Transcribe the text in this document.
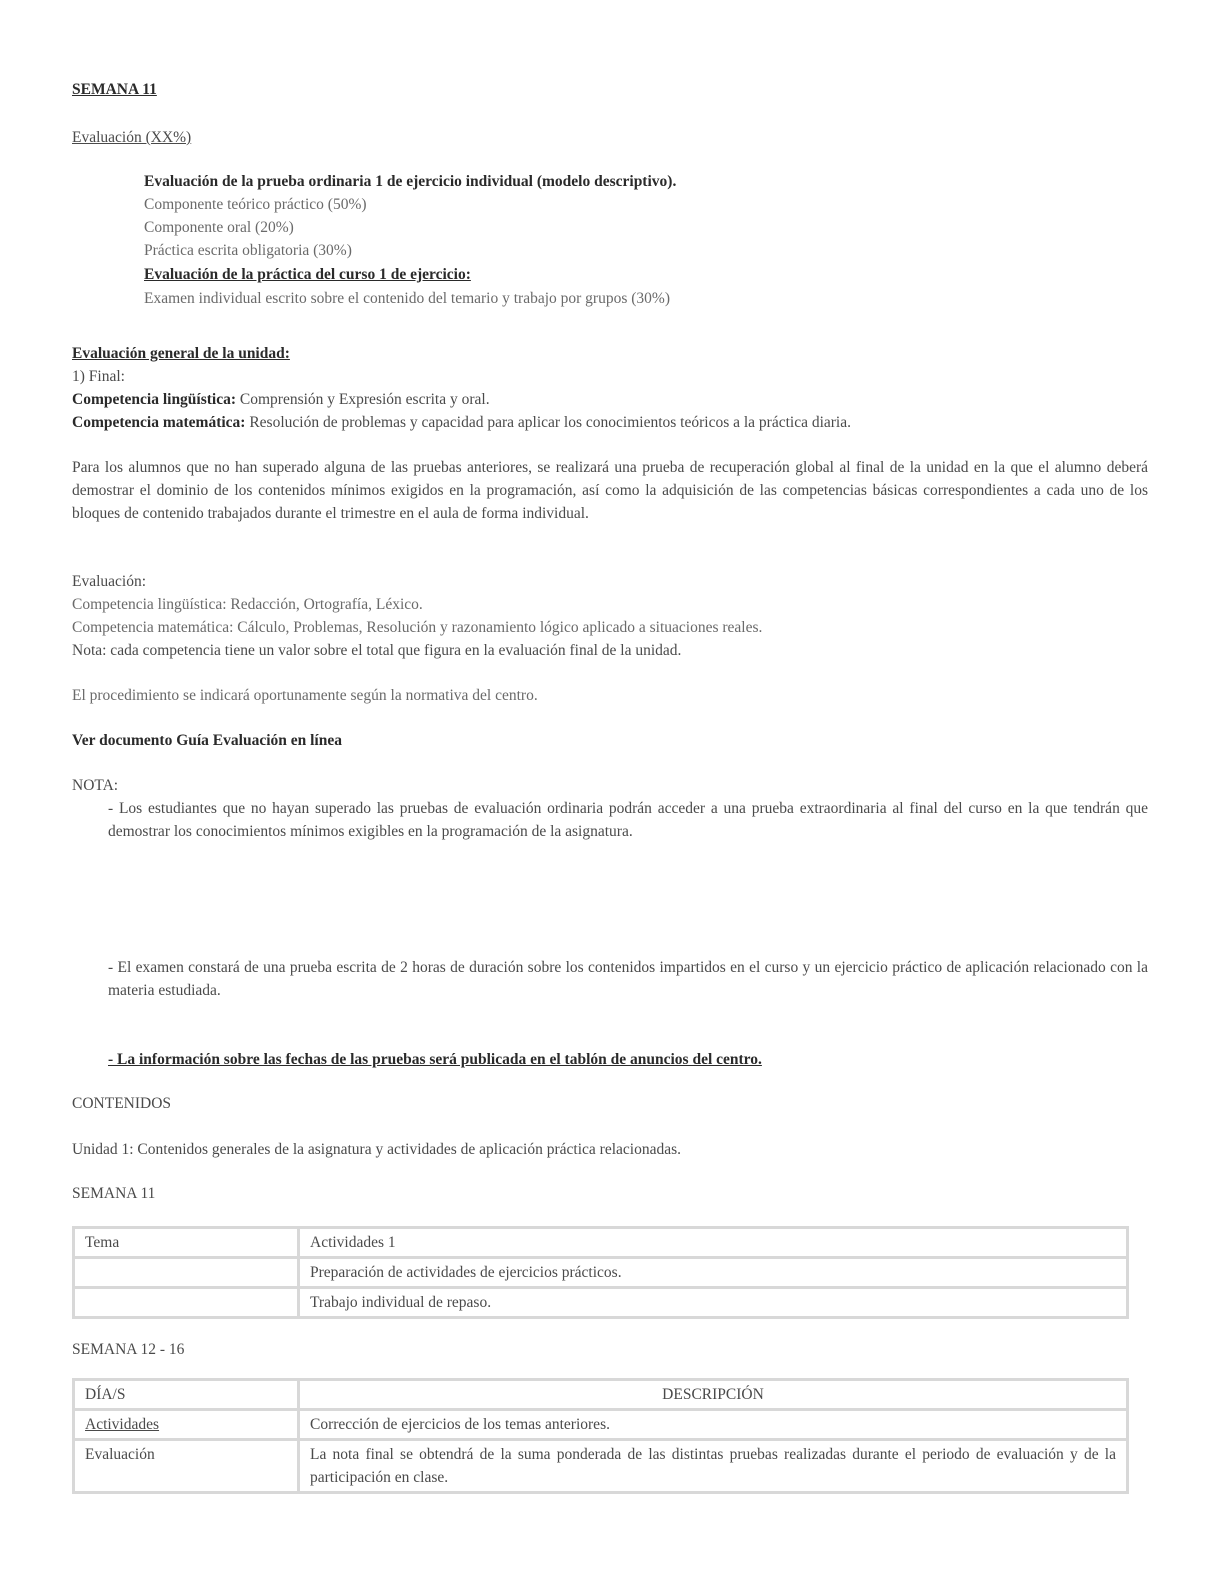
SEMANA 11
Evaluación (XX%)
Evaluación de la prueba ordinaria 1 de ejercicio individual (modelo descriptivo).
Componente teórico práctico (50%)
Componente oral (20%)
Práctica escrita obligatoria (30%)
Evaluación de la práctica del curso 1 de ejercicio:
Examen individual escrito sobre el contenido del temario y trabajo por grupos (30%)
Evaluación general de la unidad:
1) Final:
Competencia lingüística: Comprensión y Expresión escrita y oral.
Competencia matemática: Resolución de problemas y capacidad para aplicar los conocimientos teóricos a la práctica diaria.
Para los alumnos que no han superado alguna de las pruebas anteriores, se realizará una prueba de recuperación global al final de la unidad en la que el alumno deberá demostrar el dominio de los contenidos mínimos exigidos en la programación, así como la adquisición de las competencias básicas correspondientes a cada uno de los bloques de contenido trabajados durante el trimestre en el aula de forma individual.
Evaluación:
Competencia lingüística: Redacción, Ortografía, Léxico.
Competencia matemática: Cálculo, Problemas, Resolución y razonamiento lógico aplicado a situaciones reales.
Nota: cada competencia tiene un valor sobre el total que figura en la evaluación final de la unidad.
El procedimiento se indicará oportunamente según la normativa del centro.
Ver documento Guía Evaluación en línea
NOTA:
- Los estudiantes que no hayan superado las pruebas de evaluación ordinaria podrán acceder a una prueba extraordinaria al final del curso en la que tendrán que demostrar los conocimientos mínimos exigibles en la programación de la asignatura.
- El examen constará de una prueba escrita de 2 horas de duración sobre los contenidos impartidos en el curso y un ejercicio práctico de aplicación relacionado con la materia estudiada.
- La información sobre las fechas de las pruebas será publicada en el tablón de anuncios del centro.
CONTENIDOS
Unidad 1: Contenidos generales de la asignatura y actividades de aplicación práctica relacionadas.
SEMANA 11
Tema	Actividades 1
	Preparación de actividades de ejercicios prácticos.
	Trabajo individual de repaso.
SEMANA 12 - 16
DÍA/S	DESCRIPCIÓN
Actividades	Corrección de ejercicios de los temas anteriores.
Evaluación	La nota final se obtendrá de la suma ponderada de las distintas pruebas realizadas durante el periodo de evaluación y de la participación en clase.
